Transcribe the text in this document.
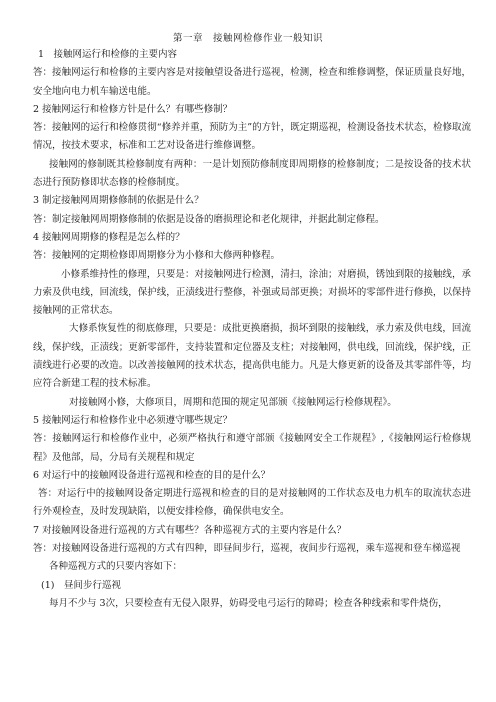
第一章　接触网检修作业一般知识

1　接触网运行和检修的主要内容

答：接触网运行和检修的主要内容是对接触望设备进行巡视，检测，检查和维修调整，保证质量良好地，安全地向电力机车输送电能。

2 接触网运行和检修方针是什么？有哪些修制？

答：接触网的运行和检修贯彻“修养并重，预防为主”的方针，既定期巡视，检测设备技术状态，检修取流情况，按技术要求，标准和工艺对设备进行维修调整。

接触网的修制既其检修制度有两种：一是计划预防修制度即周期修的检修制度；二是按设备的技术状态进行预防修即状态修的检修制度。

3 制定接触网周期修修制的依据是什么？

答：制定接触网周期修修制的依据是设备的磨损理论和老化规律，并据此制定修程。

4 接触网周期修的修程是怎么样的？

答：接触网的定期检修即周期修分为小修和大修两种修程。

小修系维持性的修理，只要是：对接触网进行检测，清扫，涂油；对磨损，锈蚀到限的接触线，承力索及供电线，回流线，保护线，正渍线进行整修，补强或局部更换；对损坏的零部件进行修换，以保持接触网的正常状态。

大修系恢复性的彻底修理，只要是：成批更换磨损，损坏到限的接触线，承力索及供电线，回流线，保护线，正渍线；更新零部件，支持装置和定位器及支柱；对接触网，供电线，回流线，保护线，正渍线进行必要的改造。以改善接触网的技术状态，提高供电能力。凡是大修更新的设备及其零部件等，均应符合新建工程的技术标准。

对接触网小修，大修项目，周期和范围的规定见部颁《接触网运行检修规程》。

5 接触网运行和检修作业中必须遵守哪些规定？

答：接触网运行和检修作业中，必须严格执行和遵守部颁《接触网安全工作规程》,《接触网运行检修规程》及他部，局，分局有关规程和规定

6 对运行中的接触网设备进行巡视和检查的目的是什么？

答：对运行中的接触网设备定期进行巡视和检查的目的是对接触网的工作状态及电力机车的取流状态进行外观检查，及时发现缺陷，以便安排检修，确保供电安全。

7 对接触网设备进行巡视的方式有哪些？各种巡视方式的主要内容是什么？

答：对接触网设备进行巡视的方式有四种，即昼间步行，巡视，夜间步行巡视，乘车巡视和登车梯巡视

各种巡视方式的只要内容如下：

(1)　昼间步行巡视

每月不少与 3次，只要检查有无侵入限界，妨碍受电弓运行的障碍；检查各种线索和零件烧伤，
